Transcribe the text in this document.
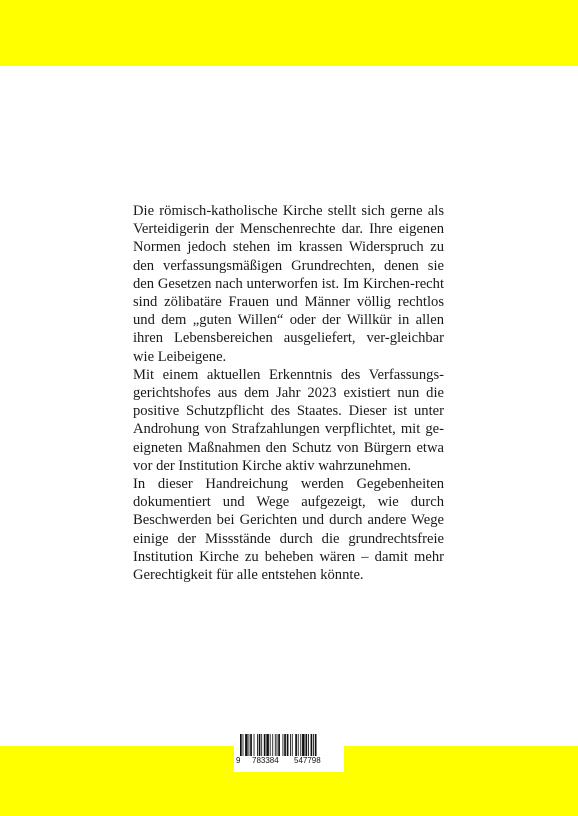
Die römisch-katholische Kirche stellt sich gerne als Verteidigerin der Menschenrechte dar. Ihre eigenen Normen jedoch stehen im krassen Widerspruch zu den verfassungsmäßigen Grundrechten, denen sie den Gesetzen nach unterworfen ist. Im Kirchen-recht sind zölibatäre Frauen und Männer völlig rechtlos und dem „guten Willen“ oder der Willkür in allen ihren Lebensbereichen ausgeliefert, ver-gleichbar wie Leibeigene.

Mit einem aktuellen Erkenntnis des Verfassungs-gerichtshofes aus dem Jahr 2023 existiert nun die positive Schutzpflicht des Staates. Dieser ist unter Androhung von Strafzahlungen verpflichtet, mit ge-eigneten Maßnahmen den Schutz von Bürgern etwa vor der Institution Kirche aktiv wahrzunehmen.

In dieser Handreichung werden Gegebenheiten dokumentiert und Wege aufgezeigt, wie durch Beschwerden bei Gerichten und durch andere Wege einige der Missstände durch die grundrechtsfreie Institution Kirche zu beheben wären – damit mehr Gerechtigkeit für alle entstehen könnte.

9 783384 547798
